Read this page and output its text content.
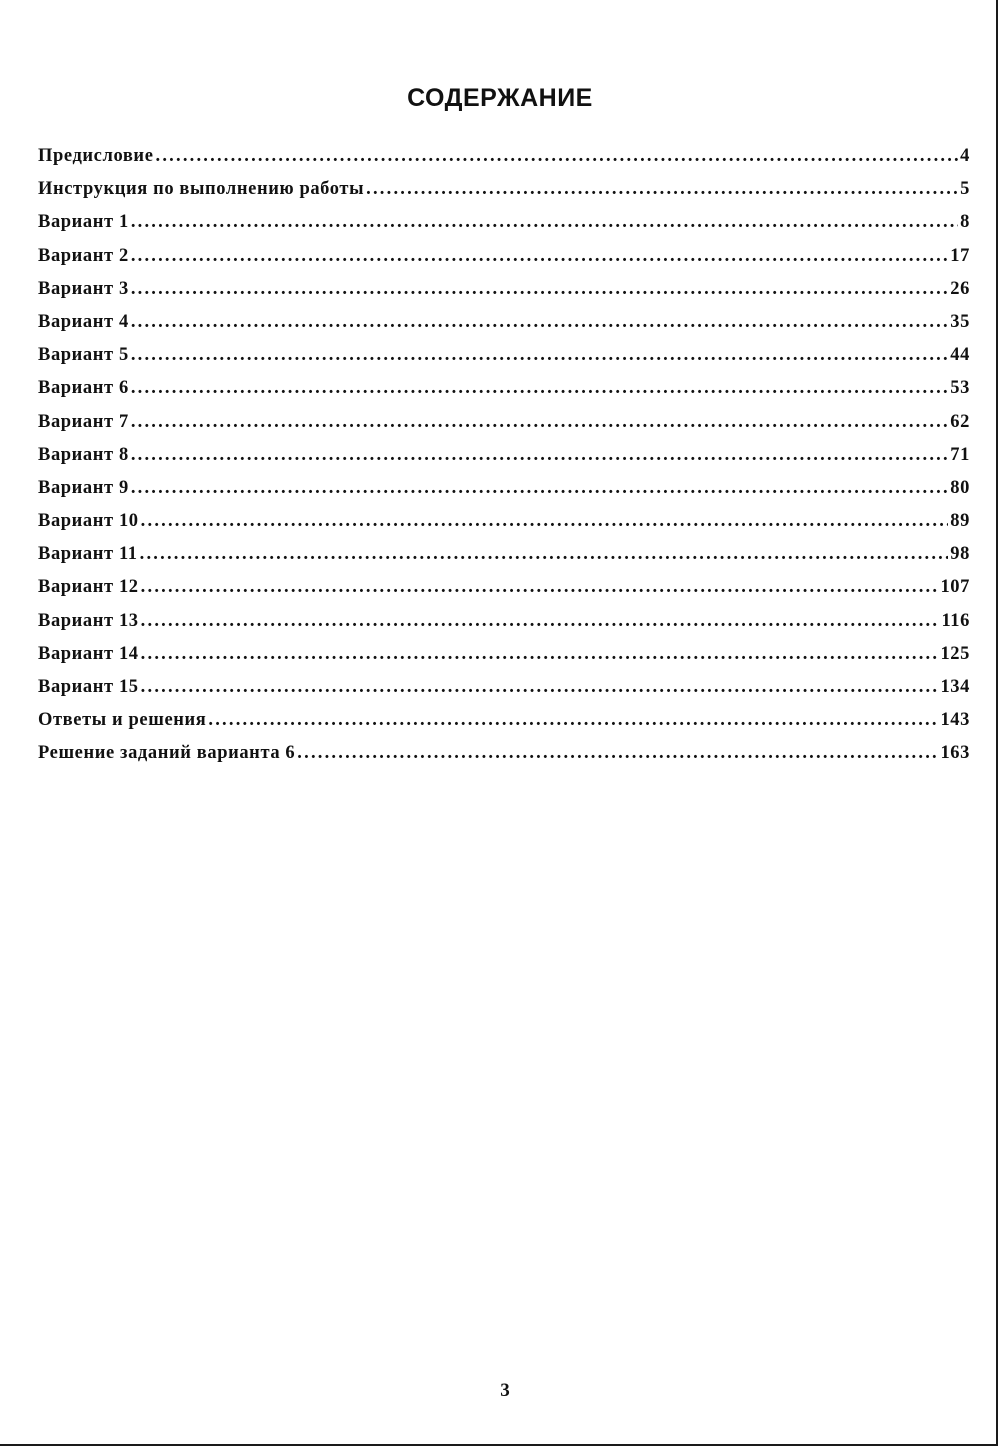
СОДЕРЖАНИЕ
Предисловие .....	4
Инструкция по выполнению работы .....	5
Вариант 1 .....	8
Вариант 2 .....	17
Вариант 3 .....	26
Вариант 4 .....	35
Вариант 5 .....	44
Вариант 6 .....	53
Вариант 7 .....	62
Вариант 8 .....	71
Вариант 9 .....	80
Вариант 10 .....	89
Вариант 11 .....	98
Вариант 12 .....	107
Вариант 13 .....	116
Вариант 14 .....	125
Вариант 15 .....	134
Ответы и решения .....	143
Решение заданий варианта 6 .....	163
3
